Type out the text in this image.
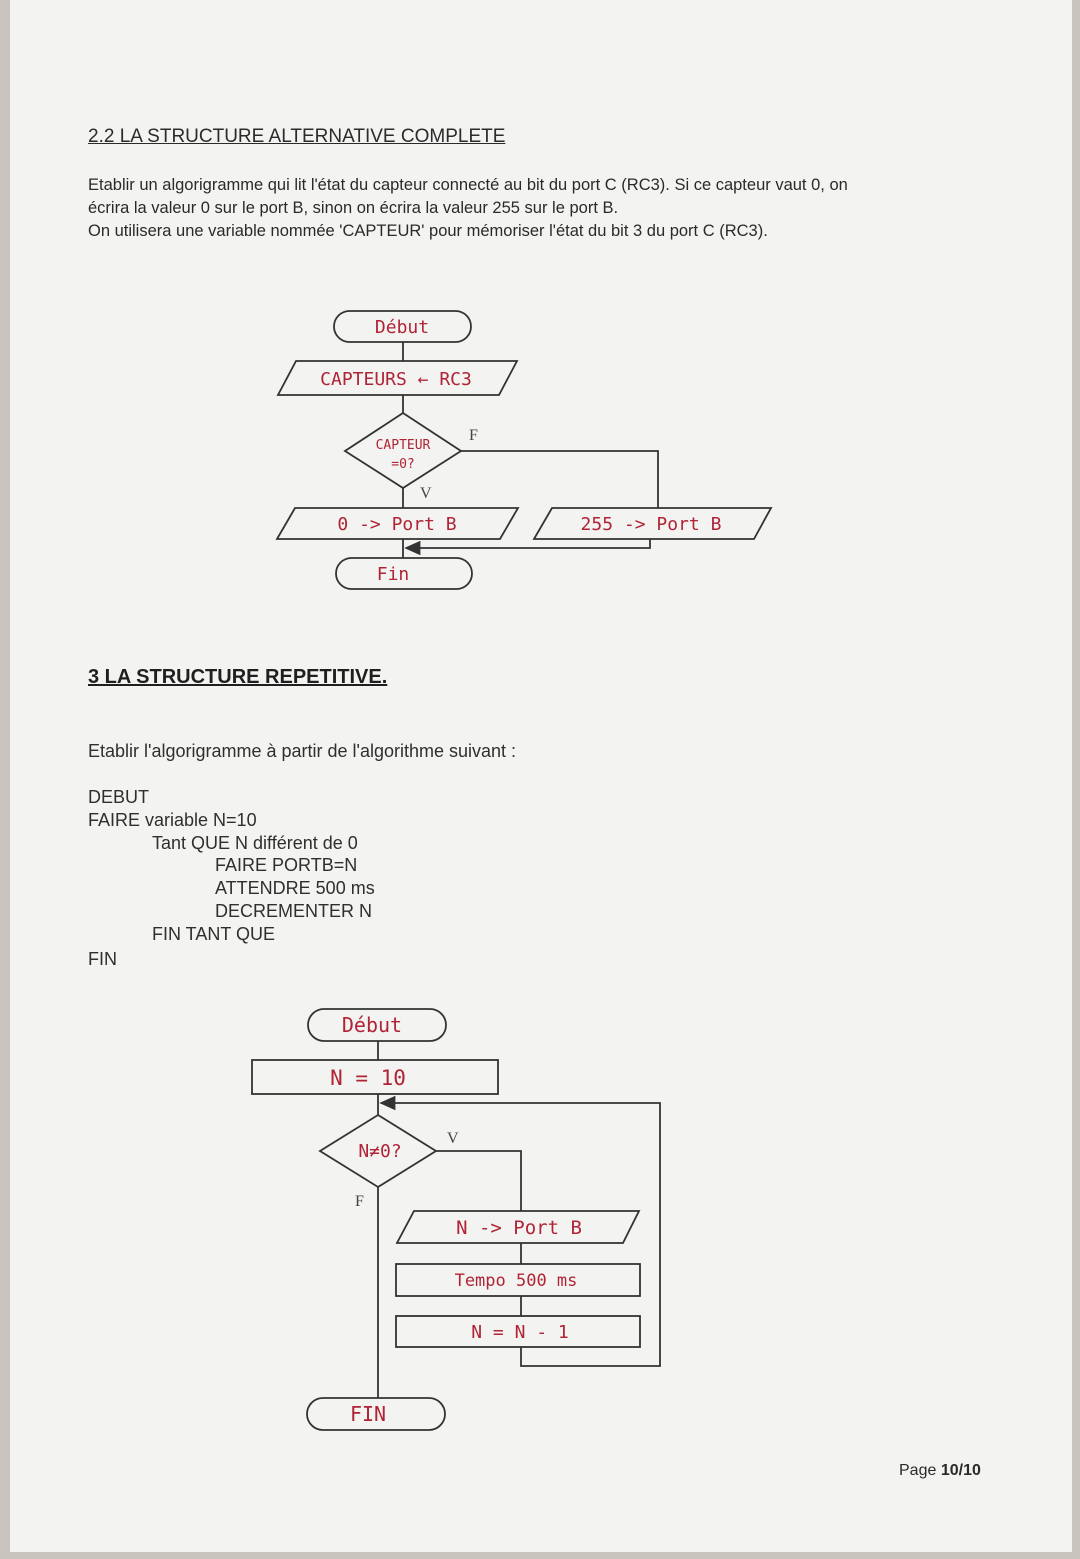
2.2 LA STRUCTURE ALTERNATIVE COMPLETE
Etablir un algorigramme qui lit l'état du capteur connecté au bit du port C (RC3). Si ce capteur vaut 0, on
écrira la valeur 0 sur le port B, sinon on écrira la valeur 255 sur le port B.
On utilisera une variable nommée 'CAPTEUR' pour mémoriser l'état du bit 3 du port C (RC3).
3 LA STRUCTURE REPETITIVE.
Etablir l'algorigramme à partir de l'algorithme suivant :
DEBUT
FAIRE variable N=10
Tant QUE N différent de 0
FAIRE PORTB=N
ATTENDRE 500 ms
DECREMENTER N
FIN TANT QUE
FIN
Page 10/10
Début
CAPTEURS ← RC3
CAPTEUR
=0?
F
V
0 -> Port B	255 -> Port B
Fin
Début
N = 10
N≠0?
V
F
N -> Port B
Tempo 500 ms
N = N - 1
FIN
